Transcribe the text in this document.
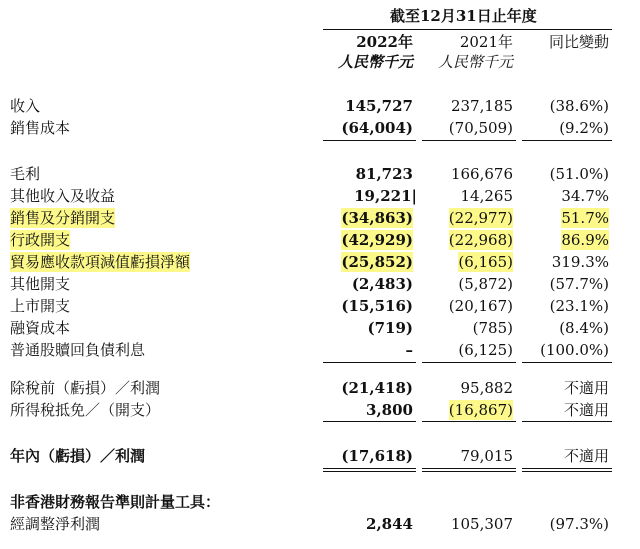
截至12月31日止年度
2022年	2021年 同比變動
人民幣千元 人民幣千元
收入	145,727	237,185 (38.6%)
銷售成本	(64,004) (70,509)	(9.2%)
毛利	81,723	166,676 (51.0%)
其他收入及收益	19,221|	14,265	34.7%
銷售及分銷開支	(34,863) (22,977)	51.7%
行政開支	(42,929) (22,968)	86.9%
貿易應收款項減值虧損淨額	(25,852)	(6,165)	319.3%
其他開支	(2,483)	(5,872) (57.7%)
上市開支	(15,516) (20,167) (23.1%)
融資成本	(719)	(785)	(8.4%)
普通股贖回負債利息	–	(6,125) (100.0%)
除稅前（虧損）／利潤	(21,418)	95,882	不適用
所得稅抵免／（開支）	3,800 (16,867)	不適用
年內（虧損）／利潤	(17,618)	79,015	不適用
非香港財務報告準則計量工具：
經調整淨利潤	2,844	105,307 (97.3%)
